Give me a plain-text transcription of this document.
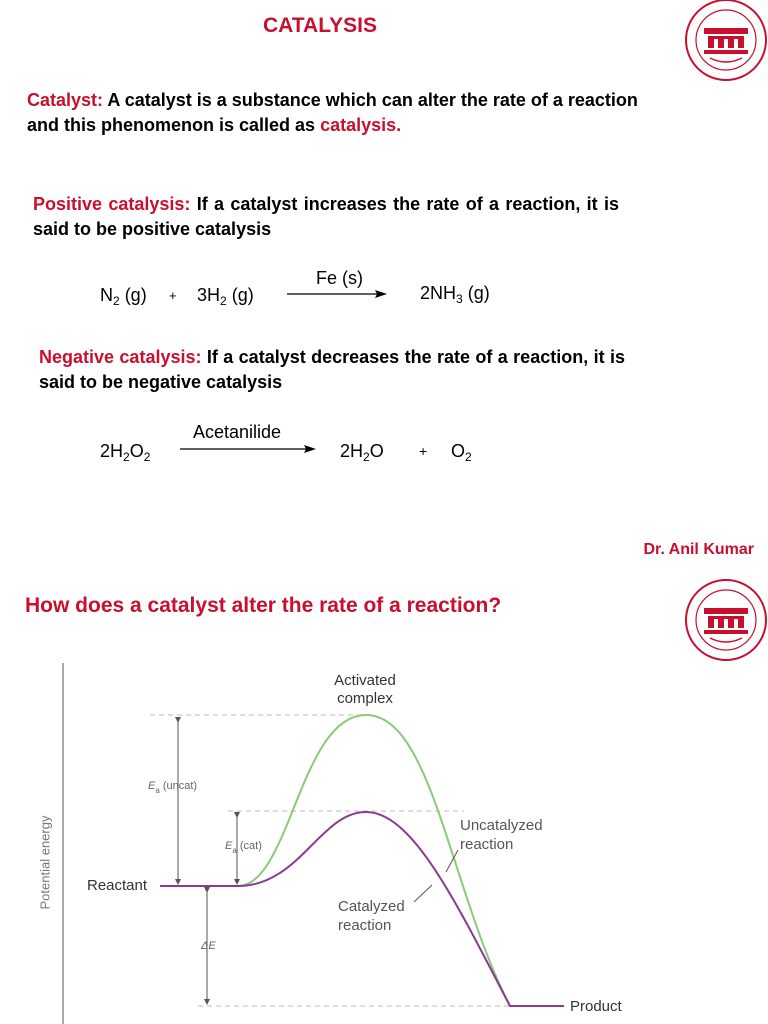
CATALYSIS
Catalyst: A catalyst is a substance which can alter the rate of a reaction and this phenomenon is called as catalysis.
Positive catalysis: If a catalyst increases the rate of a reaction, it is said to be positive catalysis
$N_2$ $(g) + 3H_2$ (g)
Fe (s)
$2NH_3$ (g)
Negative catalysis: If a catalyst decreases the rate of a reaction, it is said to be negative catalysis
$2H_2O_2$
Acetanilide
$2H_2O$	+ $O_2$
Dr. Anil Kumar
How does a catalyst alter the rate of a reaction?
Potential energy
Activated
complex
$E_a$ (uncat)
$E_a$ (cat)
Reactant
Uncatalyzed
reaction
Catalyzed
reaction
ΔE
Product
